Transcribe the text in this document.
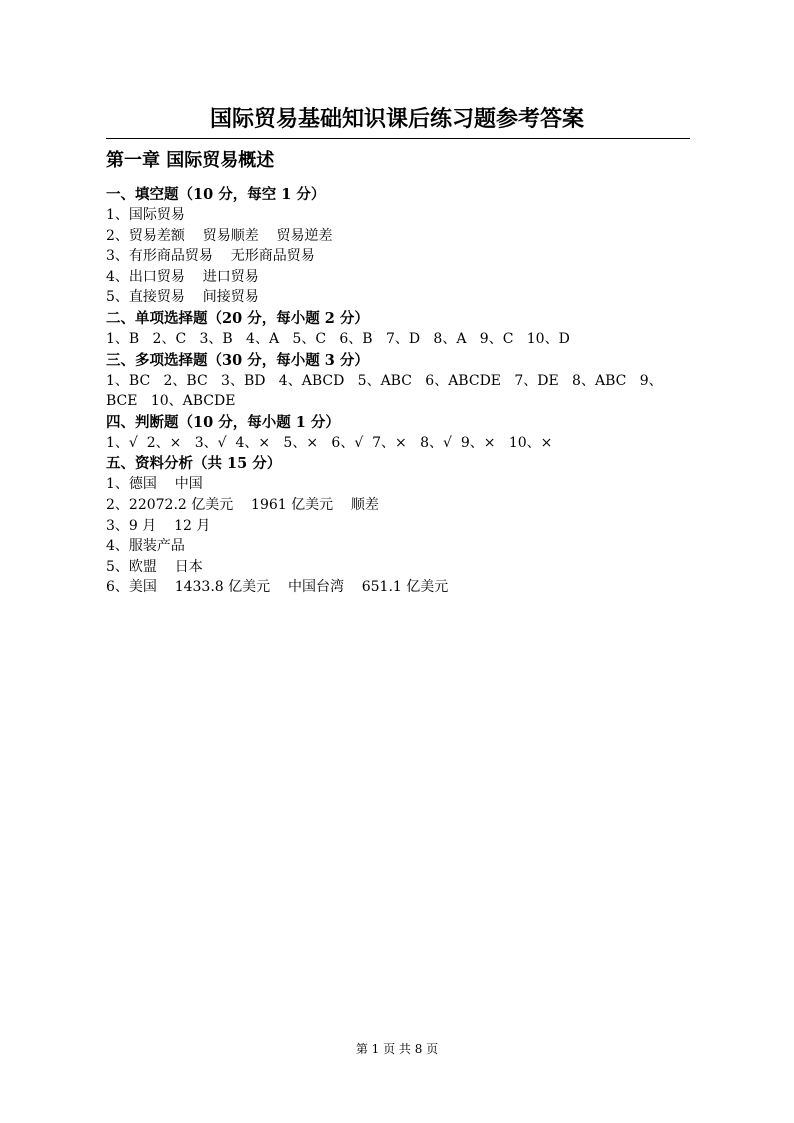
国际贸易基础知识课后练习题参考答案
第一章 国际贸易概述
一、填空题（10 分，每空 1 分）
1、国际贸易
2、贸易差额    贸易顺差    贸易逆差
3、有形商品贸易    无形商品贸易
4、出口贸易    进口贸易
5、直接贸易    间接贸易
二、单项选择题（20 分，每小题 2 分）
1、B   2、C   3、B   4、A   5、C   6、B   7、D   8、A   9、C   10、D
三、多项选择题（30 分，每小题 3 分）
1、BC   2、BC   3、BD   4、ABCD   5、ABC   6、ABCDE   7、DE   8、ABC   9、
BCE   10、ABCDE
四、判断题（10 分，每小题 1 分）
1、√  2、×   3、√  4、×   5、×   6、√  7、×   8、√  9、×   10、×
五、资料分析（共 15 分）
1、德国    中国
2、22072.2 亿美元    1961 亿美元    顺差
3、9 月    12 月
4、服装产品
5、欧盟    日本
6、美国    1433.8 亿美元    中国台湾    651.1 亿美元
第 1 页 共 8 页
